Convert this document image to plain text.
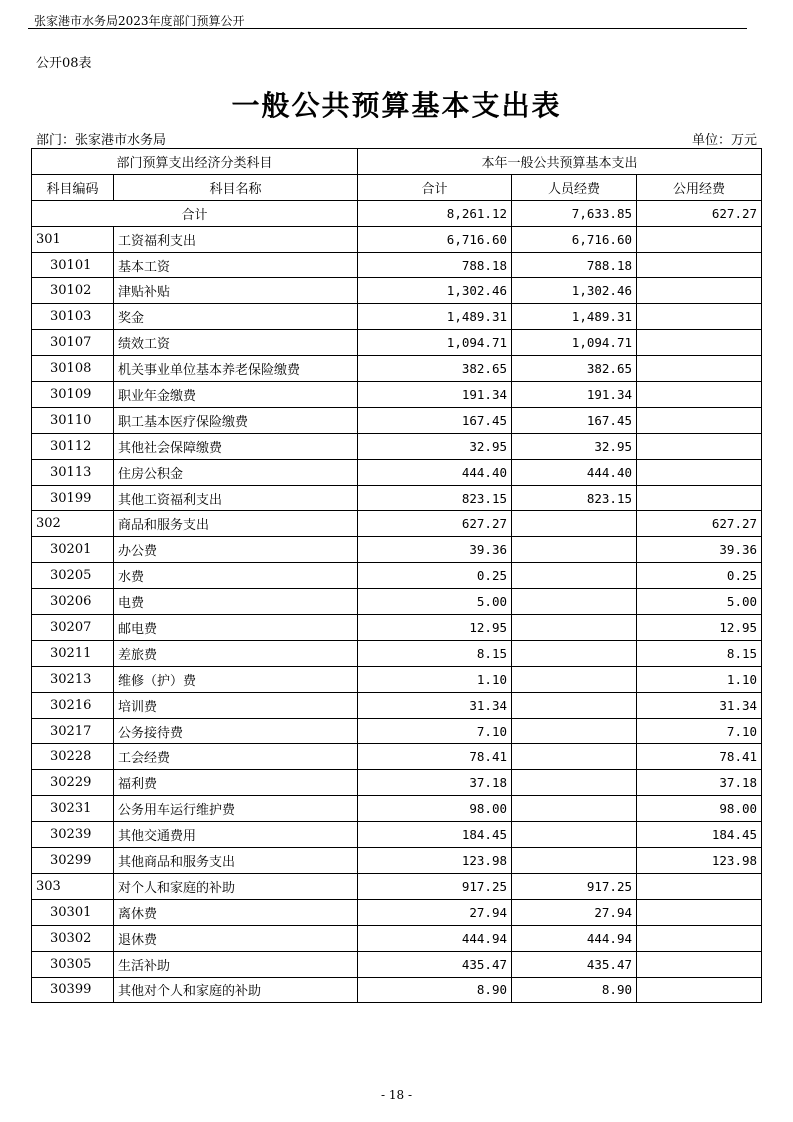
张家港市水务局2023年度部门预算公开
公开08表
一般公共预算基本支出表
部门：张家港市水务局	单位：万元
部门预算支出经济分类科目		本年一般公共预算基本支出		
科目编码	科目名称	合计	人员经费	公用经费
合计		8,261.12	7,633.85	627.27
301	工资福利支出	6,716.60	6,716.60	
30101	基本工资	788.18	788.18	
30102	津贴补贴	1,302.46	1,302.46	
30103	奖金	1,489.31	1,489.31	
30107	绩效工资	1,094.71	1,094.71	
30108	机关事业单位基本养老保险缴费	382.65	382.65	
30109	职业年金缴费	191.34	191.34	
30110	职工基本医疗保险缴费	167.45	167.45	
30112	其他社会保障缴费	32.95	32.95	
30113	住房公积金	444.40	444.40	
30199	其他工资福利支出	823.15	823.15	
302	商品和服务支出	627.27		627.27
30201	办公费	39.36		39.36
30205	水费	0.25		0.25
30206	电费	5.00		5.00
30207	邮电费	12.95		12.95
30211	差旅费	8.15		8.15
30213	维修（护）费	1.10		1.10
30216	培训费	31.34		31.34
30217	公务接待费	7.10		7.10
30228	工会经费	78.41		78.41
30229	福利费	37.18		37.18
30231	公务用车运行维护费	98.00		98.00
30239	其他交通费用	184.45		184.45
30299	其他商品和服务支出	123.98		123.98
303	对个人和家庭的补助	917.25	917.25	
30301	离休费	27.94	27.94	
30302	退休费	444.94	444.94	
30305	生活补助	435.47	435.47	
30399	其他对个人和家庭的补助	8.90	8.90	
- 18 -
